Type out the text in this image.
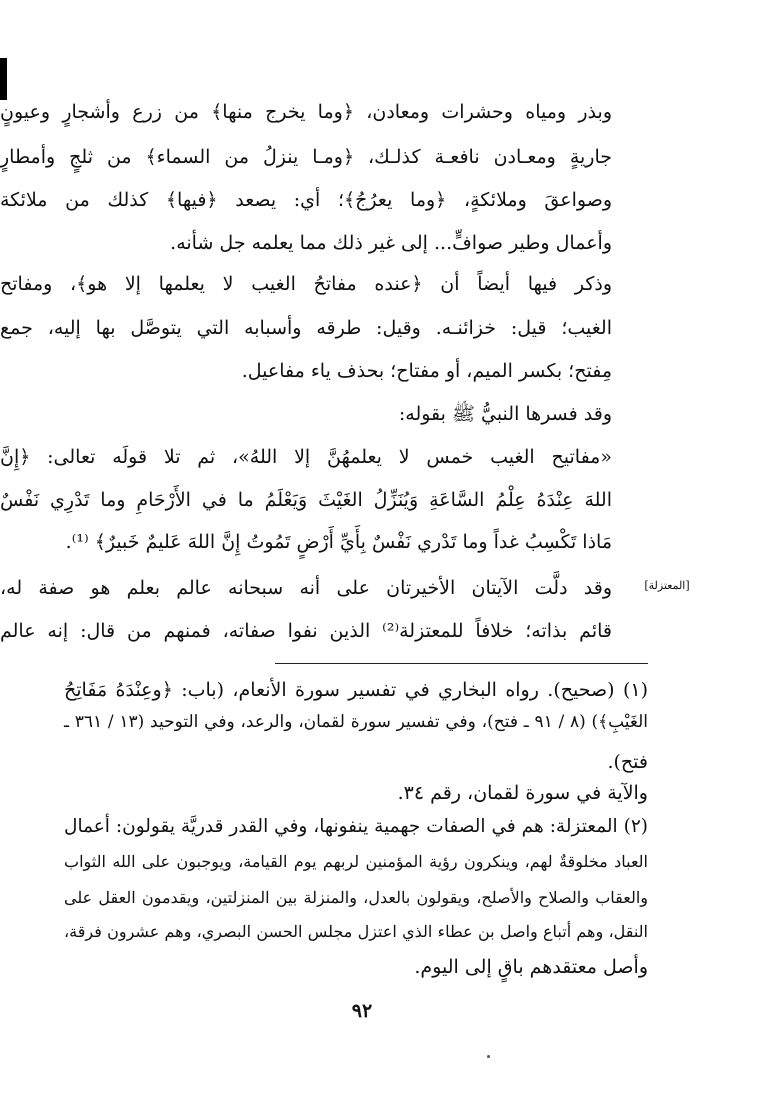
وبذر ومياه وحشرات ومعادن، ﴿وما يخرج منها﴾ من زرع وأشجارٍ وعيونٍ
جاريةٍ ومعـادن نافعـة كذلـك، ﴿ومـا ينزلُ من السماء﴾ من ثلجٍ وأمطارٍ
وصواعقَ وملائكةٍ، ﴿وما يعرُجُ﴾؛ أي: يصعد ﴿فيها﴾ كذلك من ملائكة
وأعمال وطير صوافٍّ... إلى غير ذلك مما يعلمه جل شأنه.
وذكر فيها أيضاً أن ﴿عنده مفاتحُ الغيب لا يعلمها إلا هو﴾، ومفاتح
الغيب؛ قيل: خزائنـه. وقيل: طرقه وأسبابه التي يتوصَّل بها إليه، جمع
مِفتح؛ بكسر الميم، أو مفتاح؛ بحذف ياء مفاعيل.
وقد فسرها النبيُّ ﷺ بقوله:
«مفاتيح الغيب خمس لا يعلمهُنَّ إلا اللهُ»، ثم تلا قولَه تعالى: ﴿إِنَّ
اللهَ عِنْدَهُ عِلْمُ السَّاعَةِ وَيُنَزِّلُ الغَيْثَ وَيَعْلَمُ ما في الأَرْحَامِ وما تَدْرِي نَفْسٌ
مَاذا تَكْسِبُ غداً وما تَدْري نَفْسٌ بِأَيِّ أَرْضٍ تَمُوتُ إِنَّ اللهَ عَليمٌ خَبيرٌ﴾ ⁽¹⁾.
وقد دلَّت الآيتان الأخيرتان على أنه سبحانه عالم بعلم هو صفة له،
قائم بذاته؛ خلافاً للمعتزلة⁽²⁾ الذين نفوا صفاته، فمنهم من قال: إنه عالم
[المعتزلة]
(١) (صحيح). رواه البخاري في تفسير سورة الأنعام، (باب: ﴿وعِنْدَهُ مَفَاتِحُ
الغَيْبِ﴾) (٨ / ٩١ ـ فتح)، وفي تفسير سورة لقمان، والرعد، وفي التوحيد (١٣ / ٣٦١ ـ
فتح).
والآية في سورة لقمان، رقم ٣٤.
(٢) المعتزلة: هم في الصفات جهمية ينفونها، وفي القدر قدريَّة يقولون: أعمال
العباد مخلوقةٌ لهم، وينكرون رؤية المؤمنين لربهم يوم القيامة، ويوجبون على الله الثواب
والعقاب والصلاح والأصلح، ويقولون بالعدل، والمنزلة بين المنزلتين، ويقدمون العقل على
النقل، وهم أتباع واصل بن عطاء الذي اعتزل مجلس الحسن البصري، وهم عشرون فرقة،
وأصل معتقدهم باقٍ إلى اليوم.
٩٢
